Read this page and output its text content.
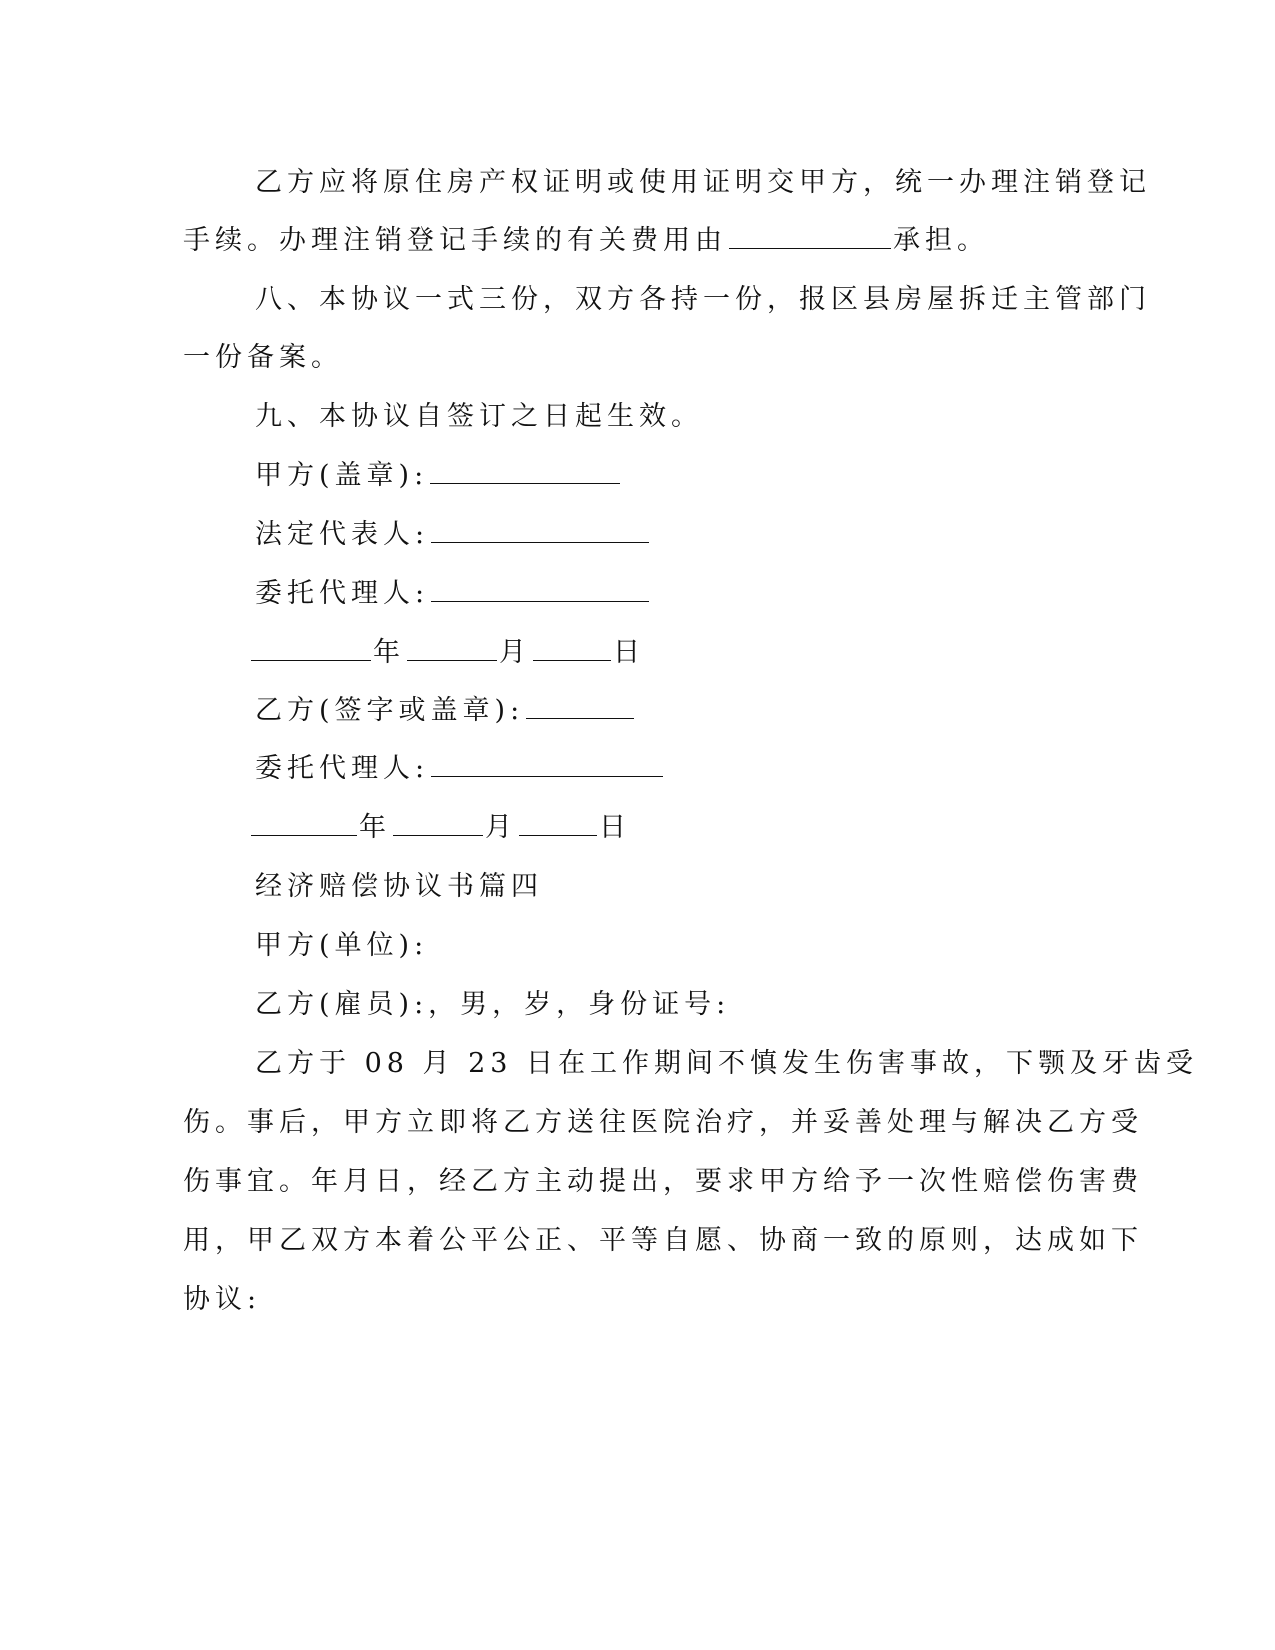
乙方应将原住房产权证明或使用证明交甲方，统一办理注销登记
手续。办理注销登记手续的有关费用由	承担。
八、本协议一式三份，双方各持一份，报区县房屋拆迁主管部门
一份备案。
九、本协议自签订之日起生效。
甲方(盖章):
法定代表人:
委托代理人:
年	月	日
乙方(签字或盖章):
委托代理人:
年	月	日
经济赔偿协议书篇四
甲方(单位):
乙方(雇员):，男，岁，身份证号:
乙方于 08 月 23 日在工作期间不慎发生伤害事故，下颚及牙齿受
伤。事后，甲方立即将乙方送往医院治疗，并妥善处理与解决乙方受
伤事宜。年月日，经乙方主动提出，要求甲方给予一次性赔偿伤害费
用，甲乙双方本着公平公正、平等自愿、协商一致的原则，达成如下
协议:
